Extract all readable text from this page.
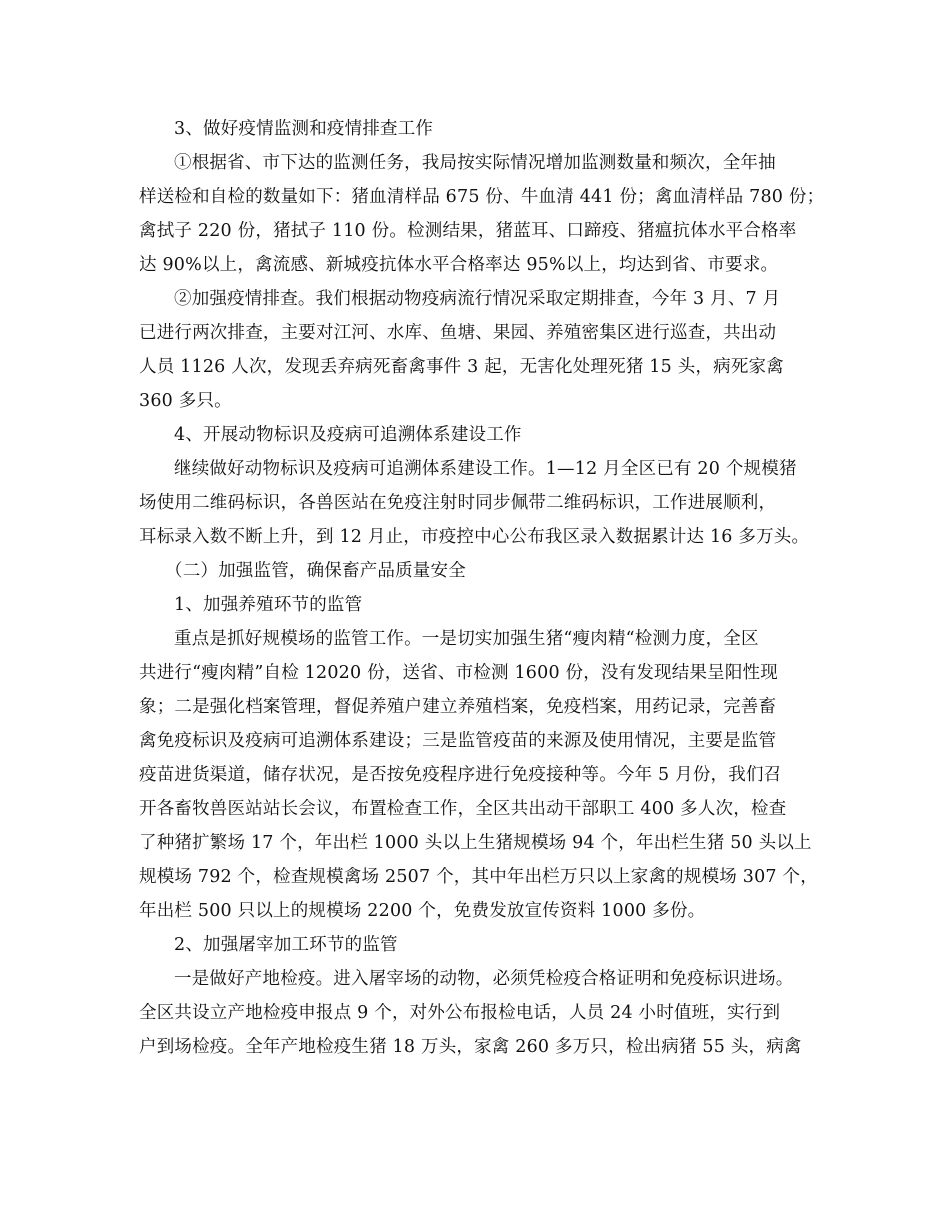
3、做好疫情监测和疫情排查工作
①根据省、市下达的监测任务，我局按实际情况增加监测数量和频次，全年抽
样送检和自检的数量如下：猪血清样品 675 份、牛血清 441 份；禽血清样品 780 份；
禽拭子 220 份，猪拭子 110 份。检测结果，猪蓝耳、口蹄疫、猪瘟抗体水平合格率
达 90%以上，禽流感、新城疫抗体水平合格率达 95%以上，均达到省、市要求。
②加强疫情排查。我们根据动物疫病流行情况采取定期排查，今年 3 月、7 月
已进行两次排查，主要对江河、水库、鱼塘、果园、养殖密集区进行巡查，共出动
人员 1126 人次，发现丢弃病死畜禽事件 3 起，无害化处理死猪 15 头，病死家禽
360 多只。
4、开展动物标识及疫病可追溯体系建设工作
继续做好动物标识及疫病可追溯体系建设工作。1—12 月全区已有 20 个规模猪
场使用二维码标识，各兽医站在免疫注射时同步佩带二维码标识，工作进展顺利，
耳标录入数不断上升，到 12 月止，市疫控中心公布我区录入数据累计达 16 多万头。
（二）加强监管，确保畜产品质量安全
1、加强养殖环节的监管
重点是抓好规模场的监管工作。一是切实加强生猪“瘦肉精“检测力度，全区
共进行“瘦肉精”自检 12020 份，送省、市检测 1600 份，没有发现结果呈阳性现
象；二是强化档案管理，督促养殖户建立养殖档案，免疫档案，用药记录，完善畜
禽免疫标识及疫病可追溯体系建设；三是监管疫苗的来源及使用情况，主要是监管
疫苗进货渠道，储存状况，是否按免疫程序进行免疫接种等。今年 5 月份，我们召
开各畜牧兽医站站长会议，布置检查工作，全区共出动干部职工 400 多人次，检查
了种猪扩繁场 17 个，年出栏 1000 头以上生猪规模场 94 个，年出栏生猪 50 头以上
规模场 792 个，检查规模禽场 2507 个，其中年出栏万只以上家禽的规模场 307 个，
年出栏 500 只以上的规模场 2200 个，免费发放宣传资料 1000 多份。
2、加强屠宰加工环节的监管
一是做好产地检疫。进入屠宰场的动物，必须凭检疫合格证明和免疫标识进场。
全区共设立产地检疫申报点 9 个，对外公布报检电话，人员 24 小时值班，实行到
户到场检疫。全年产地检疫生猪 18 万头，家禽 260 多万只，检出病猪 55 头，病禽
